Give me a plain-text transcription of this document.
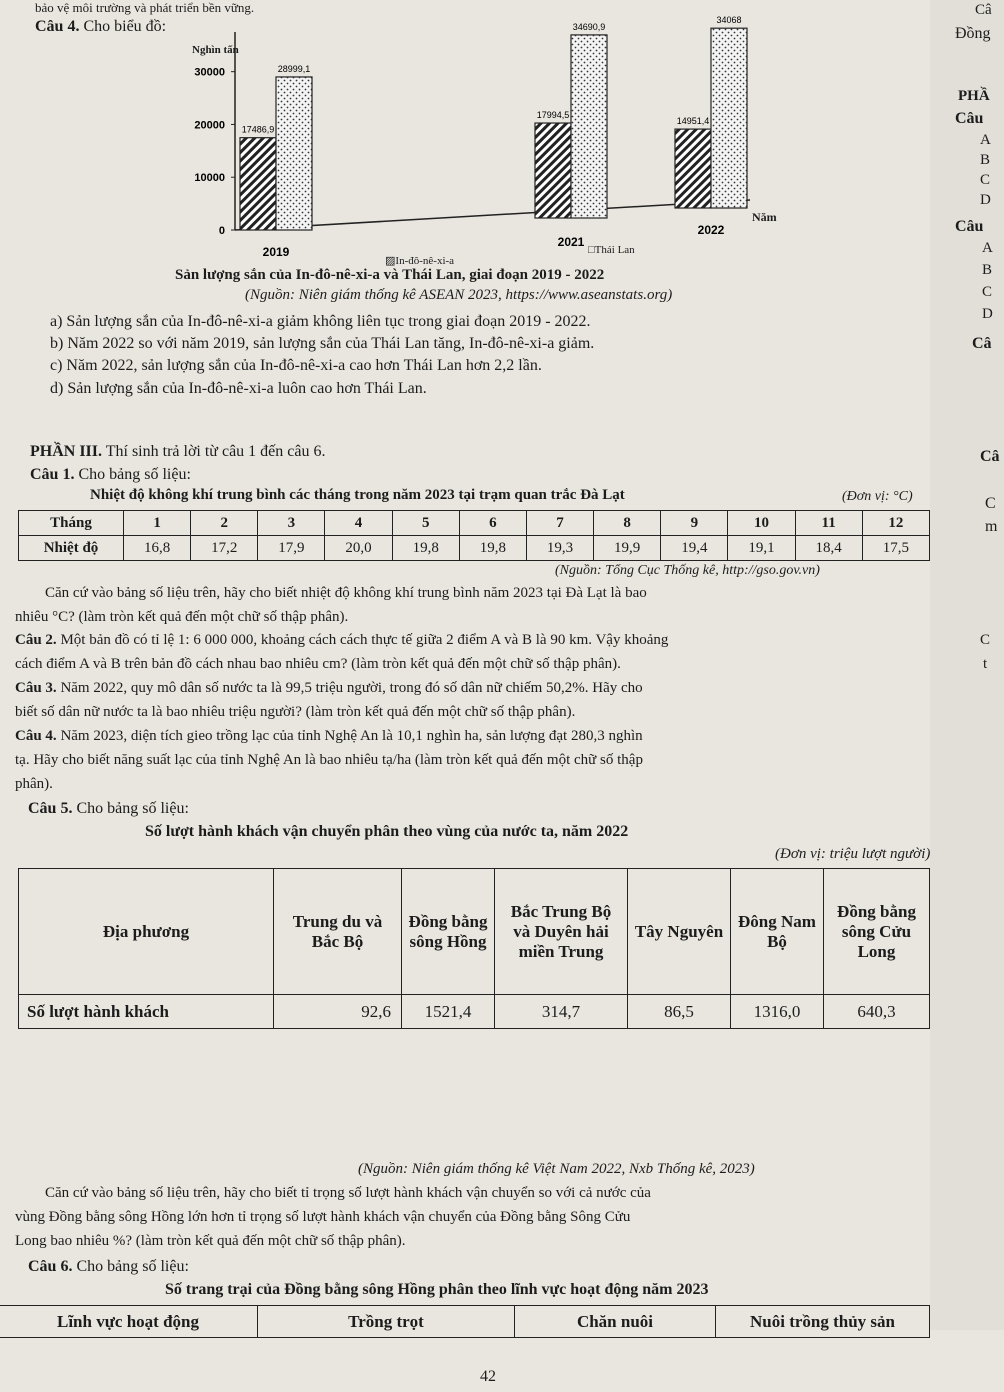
bảo vệ môi trường và phát triển bền vững.
Câu 4. Cho biểu đồ:
0
10000
20000
30000
2019
17486,9
28999,1
2021
17994,5
34690,9
2022
14951,4
34068
Nghìn tấn
Năm
▨In-đô-nê-xi-a
□Thái Lan
Sản lượng sắn của In-đô-nê-xi-a và Thái Lan, giai đoạn 2019 - 2022
(Nguồn: Niên giám thống kê ASEAN 2023, https://www.aseanstats.org)
a) Sản lượng sắn của In-đô-nê-xi-a giảm không liên tục trong giai đoạn 2019 - 2022.
b) Năm 2022 so với năm 2019, sản lượng sắn của Thái Lan tăng, In-đô-nê-xi-a giảm.
c) Năm 2022, sản lượng sắn của In-đô-nê-xi-a cao hơn Thái Lan hơn 2,2 lần.
d) Sản lượng sắn của In-đô-nê-xi-a luôn cao hơn Thái Lan.
PHẦN III. Thí sinh trả lời từ câu 1 đến câu 6.
Câu 1. Cho bảng số liệu:
Nhiệt độ không khí trung bình các tháng trong năm 2023 tại trạm quan trắc Đà Lạt	(Đơn vị: °C)
Tháng	1	2	3	4	5	6	7	8	9	10	11	12
Nhiệt độ	16,8	17,2	17,9	20,0	19,8	19,8	19,3	19,9	19,4	19,1	18,4	17,5
(Nguồn: Tổng Cục Thống kê, http://gso.gov.vn)
Căn cứ vào bảng số liệu trên, hãy cho biết nhiệt độ không khí trung bình năm 2023 tại Đà Lạt là bao
nhiêu °C? (làm tròn kết quả đến một chữ số thập phân).
Câu 2. Một bản đồ có tỉ lệ 1: 6 000 000, khoảng cách cách thực tế giữa 2 điểm A và B là 90 km. Vậy khoảng
cách điểm A và B trên bản đồ cách nhau bao nhiêu cm? (làm tròn kết quả đến một chữ số thập phân).
Câu 3. Năm 2022, quy mô dân số nước ta là 99,5 triệu người, trong đó số dân nữ chiếm 50,2%. Hãy cho
biết số dân nữ nước ta là bao nhiêu triệu người? (làm tròn kết quả đến một chữ số thập phân).
Câu 4. Năm 2023, diện tích gieo trồng lạc của tỉnh Nghệ An là 10,1 nghìn ha, sản lượng đạt 280,3 nghìn
tạ. Hãy cho biết năng suất lạc của tỉnh Nghệ An là bao nhiêu tạ/ha (làm tròn kết quả đến một chữ số thập
phân).
Câu 5. Cho bảng số liệu:
Số lượt hành khách vận chuyển phân theo vùng của nước ta, năm 2022
(Đơn vị: triệu lượt người)
Địa phương	Trung du và Bắc Bộ	Đồng bằng sông Hồng	Bắc Trung Bộ và Duyên hải miền Trung	Tây Nguyên	Đông Nam Bộ	Đồng bằng sông Cửu Long
Số lượt hành khách	92,6	1521,4	314,7	86,5	1316,0	640,3
(Nguồn: Niên giám thống kê Việt Nam 2022, Nxb Thống kê, 2023)
Căn cứ vào bảng số liệu trên, hãy cho biết tỉ trọng số lượt hành khách vận chuyển so với cả nước của
vùng Đồng bằng sông Hồng lớn hơn tỉ trọng số lượt hành khách vận chuyển của Đồng bằng Sông Cửu
Long bao nhiêu %? (làm tròn kết quả đến một chữ số thập phân).
Câu 6. Cho bảng số liệu:
Số trang trại của Đồng bằng sông Hồng phân theo lĩnh vực hoạt động năm 2023
Lĩnh vực hoạt động	Trồng trọt	Chăn nuôi	Nuôi trồng thủy sản
42
Câ
Đồng
PHẦ
Câu
A
B
C
D
Câu
A
B
C
D
Câ
Câ
C
m
C
t
